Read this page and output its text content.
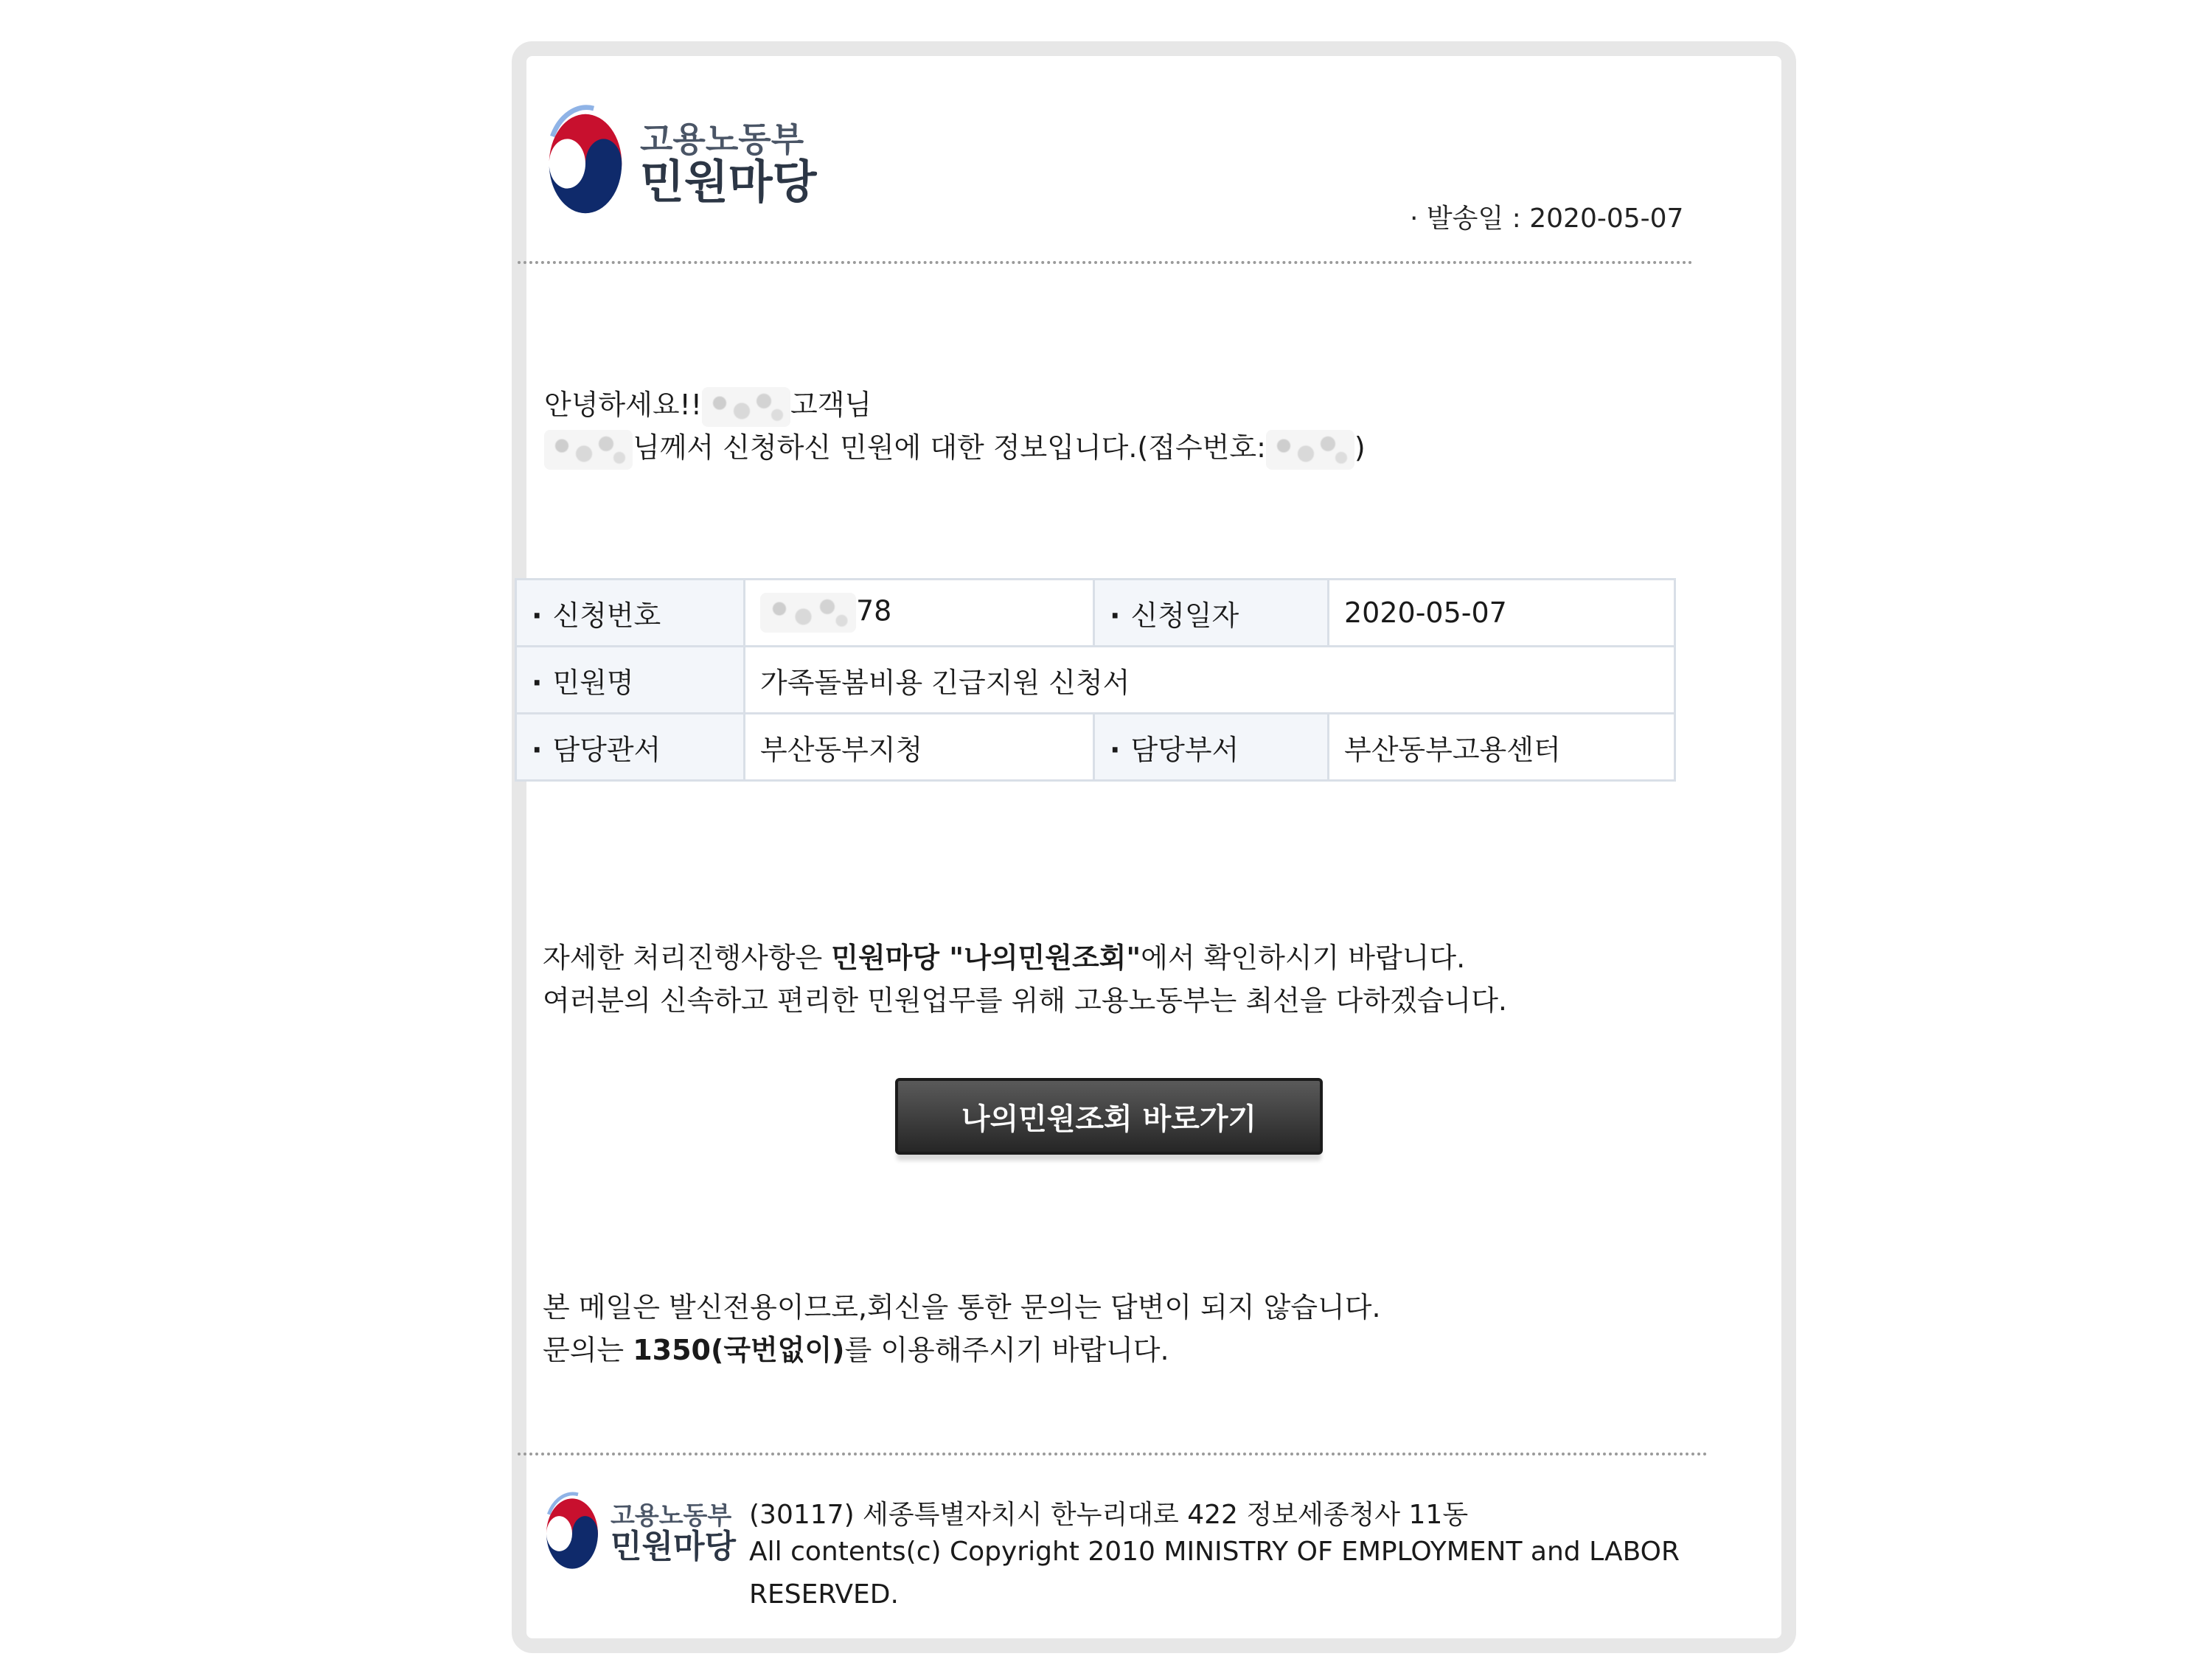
고용노동부
민원마당
· 발송일 : 2020-05-07
안녕하세요!!	고객님
님께서 신청하신 민원에 대한 정보입니다.(접수번호:	)
· 신청번호	78	· 신청일자	2020-05-07
· 민원명	가족돌봄비용 긴급지원 신청서		
· 담당관서	부산동부지청	· 담당부서	부산동부고용센터
자세한 처리진행사항은 민원마당 "나의민원조회"에서 확인하시기 바랍니다.
여러분의 신속하고 편리한 민원업무를 위해 고용노동부는 최선을 다하겠습니다.
나의민원조회 바로가기
본 메일은 발신전용이므로,회신을 통한 문의는 답변이 되지 않습니다.
문의는 1350(국번없이)를 이용해주시기 바랍니다.
고용노동부
민원마당
(30117) 세종특별자치시 한누리대로 422 정보세종청사 11동
All contents(c) Copyright 2010 MINISTRY OF EMPLOYMENT and LABOR
RESERVED.
